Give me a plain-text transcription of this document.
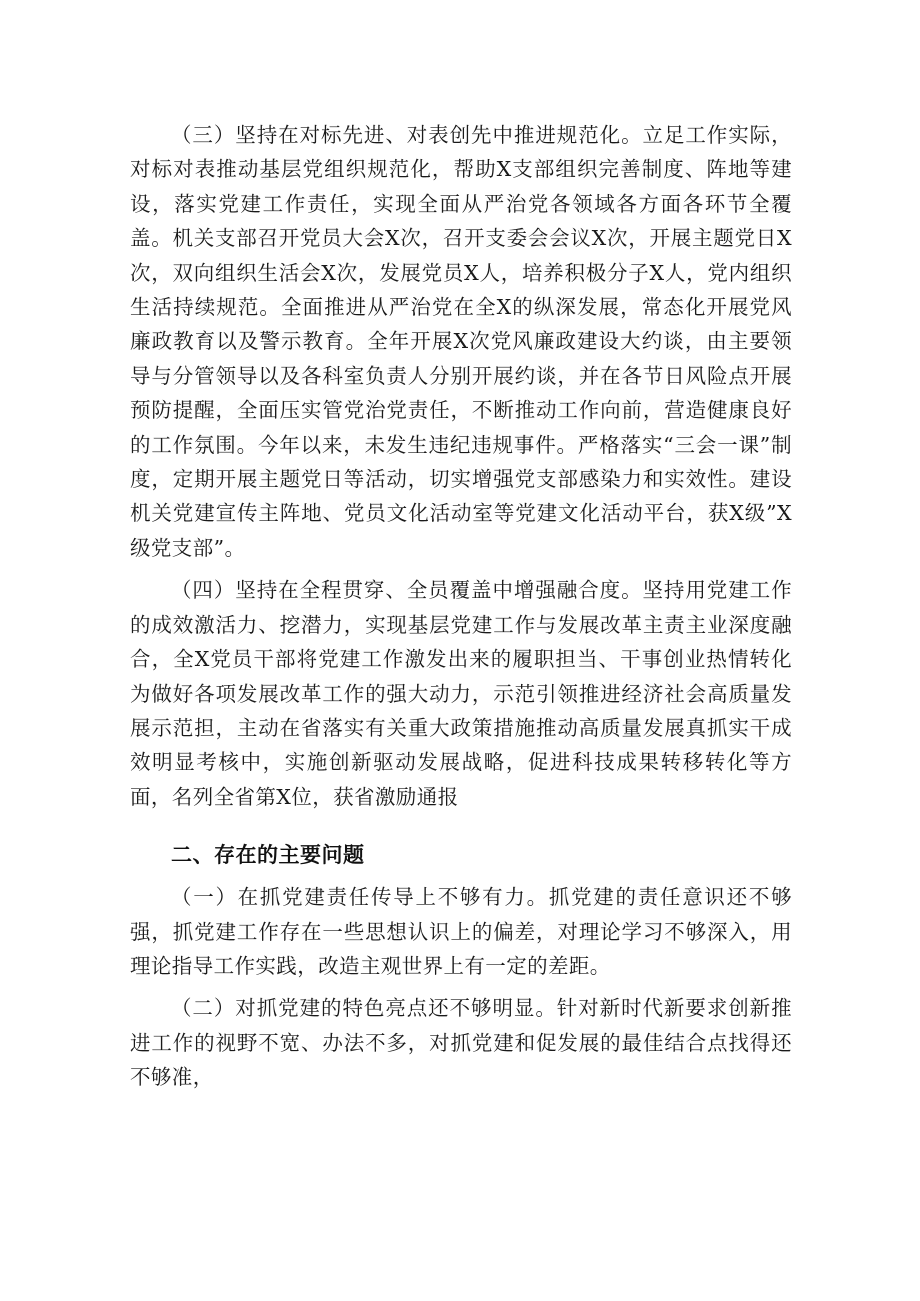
（三）坚持在对标先进、对表创先中推进规范化。立足工作实际，对标对表推动基层党组织规范化，帮助X支部组织完善制度、阵地等建设，落实党建工作责任，实现全面从严治党各领域各方面各环节全覆盖。机关支部召开党员大会X次，召开支委会会议X次，开展主题党日X次，双向组织生活会X次，发展党员X人，培养积极分子X人，党内组织生活持续规范。全面推进从严治党在全X的纵深发展，常态化开展党风廉政教育以及警示教育。全年开展X次党风廉政建设大约谈，由主要领导与分管领导以及各科室负责人分别开展约谈，并在各节日风险点开展预防提醒，全面压实管党治党责任，不断推动工作向前，营造健康良好的工作氛围。今年以来，未发生违纪违规事件。严格落实“三会一课”制度，定期开展主题党日等活动，切实增强党支部感染力和实效性。建设机关党建宣传主阵地、党员文化活动室等党建文化活动平台，获X级”X级党支部”。

（四）坚持在全程贯穿、全员覆盖中增强融合度。坚持用党建工作的成效激活力、挖潜力，实现基层党建工作与发展改革主责主业深度融合，全X党员干部将党建工作激发出来的履职担当、干事创业热情转化为做好各项发展改革工作的强大动力，示范引领推进经济社会高质量发展示范担，主动在省落实有关重大政策措施推动高质量发展真抓实干成效明显考核中，实施创新驱动发展战略，促进科技成果转移转化等方面，名列全省第X位，获省激励通报

二、存在的主要问题

（一）在抓党建责任传导上不够有力。抓党建的责任意识还不够强，抓党建工作存在一些思想认识上的偏差，对理论学习不够深入，用理论指导工作实践，改造主观世界上有一定的差距。

（二）对抓党建的特色亮点还不够明显。针对新时代新要求创新推进工作的视野不宽、办法不多，对抓党建和促发展的最佳结合点找得还不够准，
